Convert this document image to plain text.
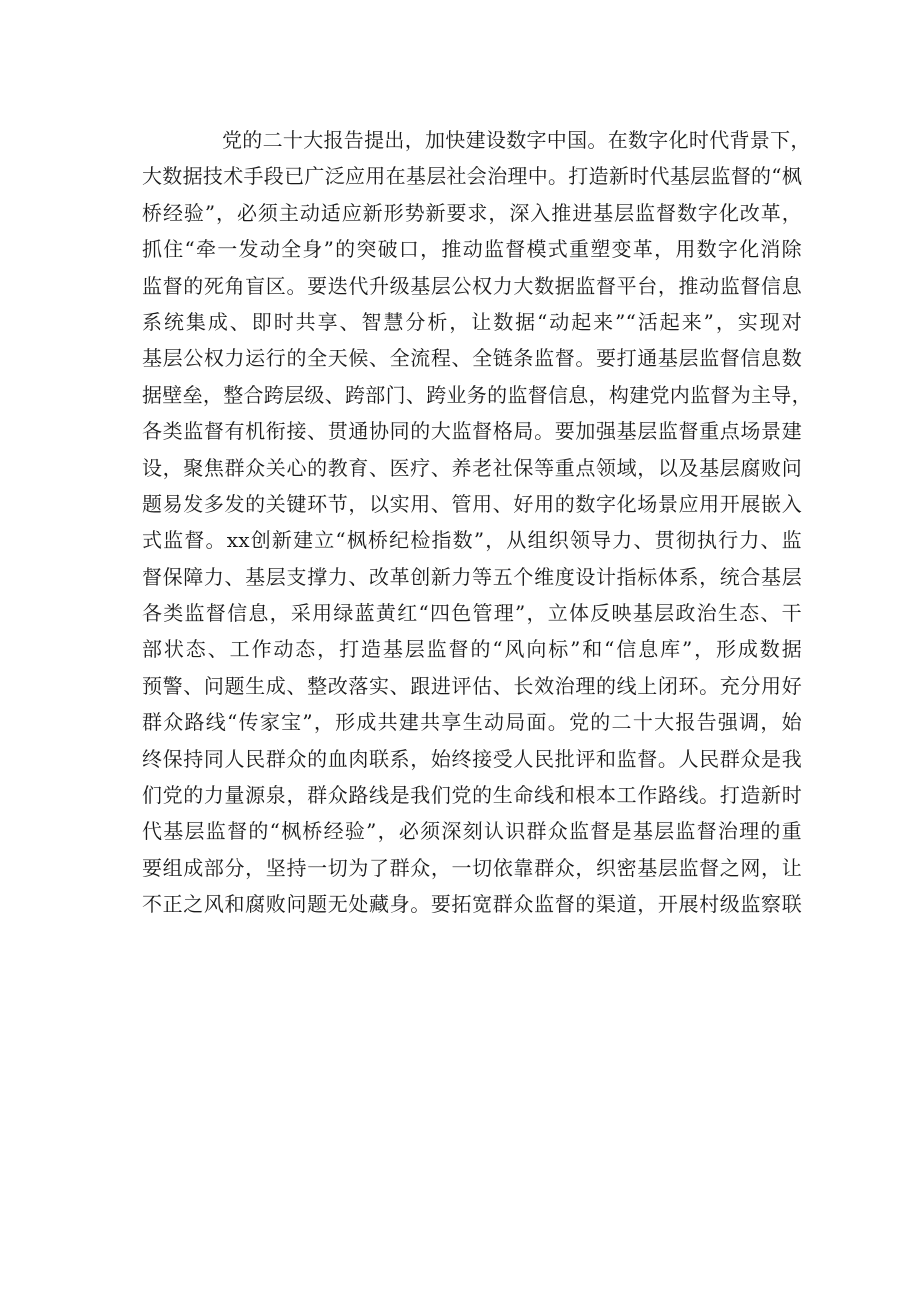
党的二十大报告提出，加快建设数字中国。在数字化时代背景下，
大数据技术手段已广泛应用在基层社会治理中。打造新时代基层监督的“枫
桥经验”，必须主动适应新形势新要求，深入推进基层监督数字化改革，
抓住“牵一发动全身”的突破口，推动监督模式重塑变革，用数字化消除
监督的死角盲区。要迭代升级基层公权力大数据监督平台，推动监督信息
系统集成、即时共享、智慧分析，让数据“动起来”“活起来”，实现对
基层公权力运行的全天候、全流程、全链条监督。要打通基层监督信息数
据壁垒，整合跨层级、跨部门、跨业务的监督信息，构建党内监督为主导，
各类监督有机衔接、贯通协同的大监督格局。要加强基层监督重点场景建
设，聚焦群众关心的教育、医疗、养老社保等重点领域，以及基层腐败问
题易发多发的关键环节，以实用、管用、好用的数字化场景应用开展嵌入
式监督。xx创新建立“枫桥纪检指数”，从组织领导力、贯彻执行力、监
督保障力、基层支撑力、改革创新力等五个维度设计指标体系，统合基层
各类监督信息，采用绿蓝黄红“四色管理”，立体反映基层政治生态、干
部状态、工作动态，打造基层监督的“风向标”和“信息库”，形成数据
预警、问题生成、整改落实、跟进评估、长效治理的线上闭环。充分用好
群众路线“传家宝”，形成共建共享生动局面。党的二十大报告强调，始
终保持同人民群众的血肉联系，始终接受人民批评和监督。人民群众是我
们党的力量源泉，群众路线是我们党的生命线和根本工作路线。打造新时
代基层监督的“枫桥经验”，必须深刻认识群众监督是基层监督治理的重
要组成部分，坚持一切为了群众，一切依靠群众，织密基层监督之网，让
不正之风和腐败问题无处藏身。要拓宽群众监督的渠道，开展村级监察联
